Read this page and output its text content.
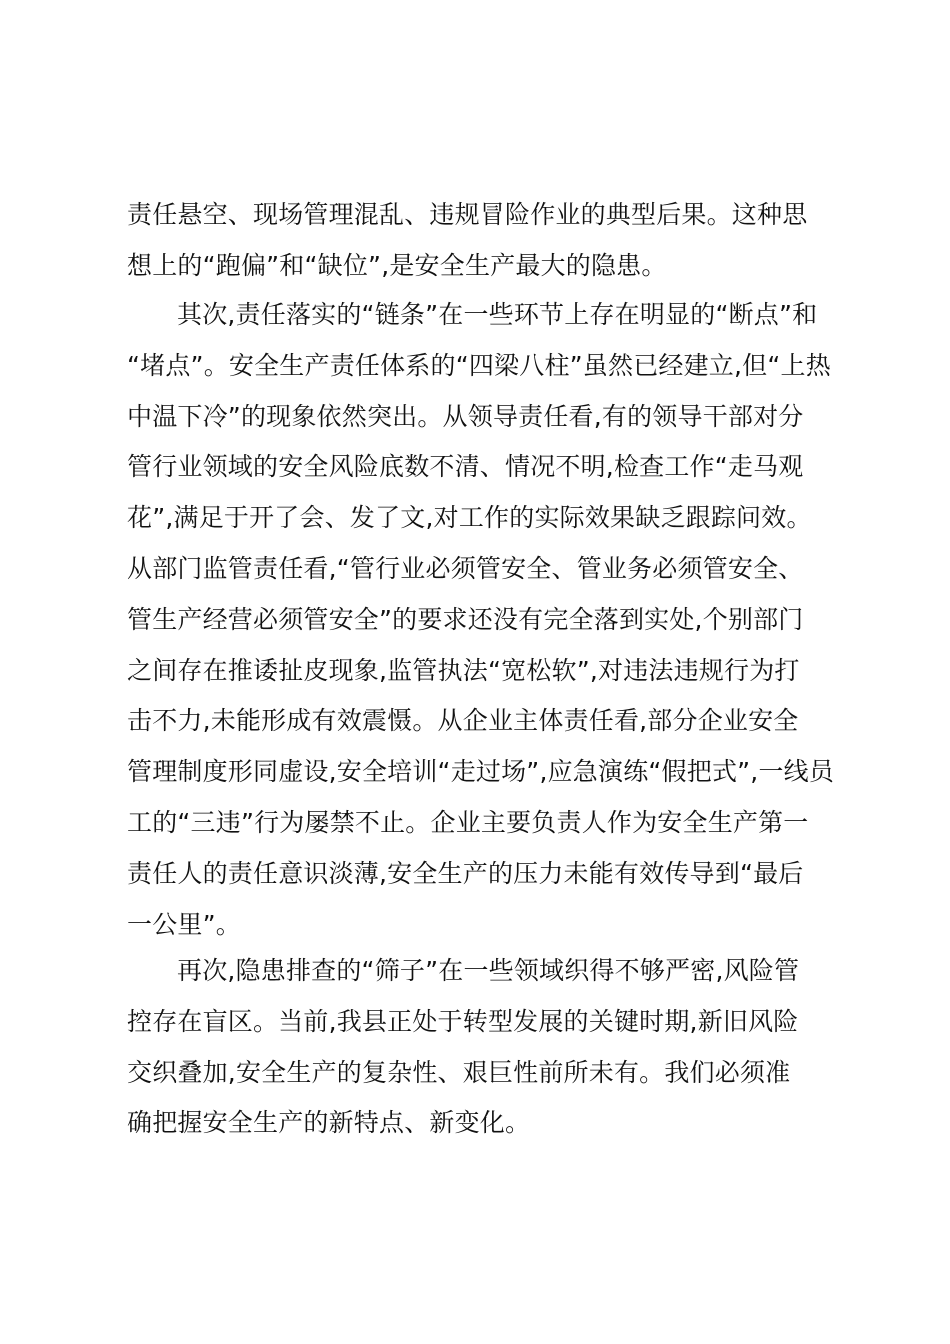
责任悬空、现场管理混乱、违规冒险作业的典型后果。这种思
想上的“跑偏”和“缺位”,是安全生产最大的隐患。

其次,责任落实的“链条”在一些环节上存在明显的“断点”和
“堵点”。安全生产责任体系的“四梁八柱”虽然已经建立,但“上热
中温下冷”的现象依然突出。从领导责任看,有的领导干部对分
管行业领域的安全风险底数不清、情况不明,检查工作“走马观
花”,满足于开了会、发了文,对工作的实际效果缺乏跟踪问效。
从部门监管责任看,“管行业必须管安全、管业务必须管安全、
管生产经营必须管安全”的要求还没有完全落到实处,个别部门
之间存在推诿扯皮现象,监管执法“宽松软”,对违法违规行为打
击不力,未能形成有效震慑。从企业主体责任看,部分企业安全
管理制度形同虚设,安全培训“走过场”,应急演练“假把式”,一线员
工的“三违”行为屡禁不止。企业主要负责人作为安全生产第一
责任人的责任意识淡薄,安全生产的压力未能有效传导到“最后
一公里”。

再次,隐患排查的“筛子”在一些领域织得不够严密,风险管
控存在盲区。当前,我县正处于转型发展的关键时期,新旧风险
交织叠加,安全生产的复杂性、艰巨性前所未有。我们必须准
确把握安全生产的新特点、新变化。
